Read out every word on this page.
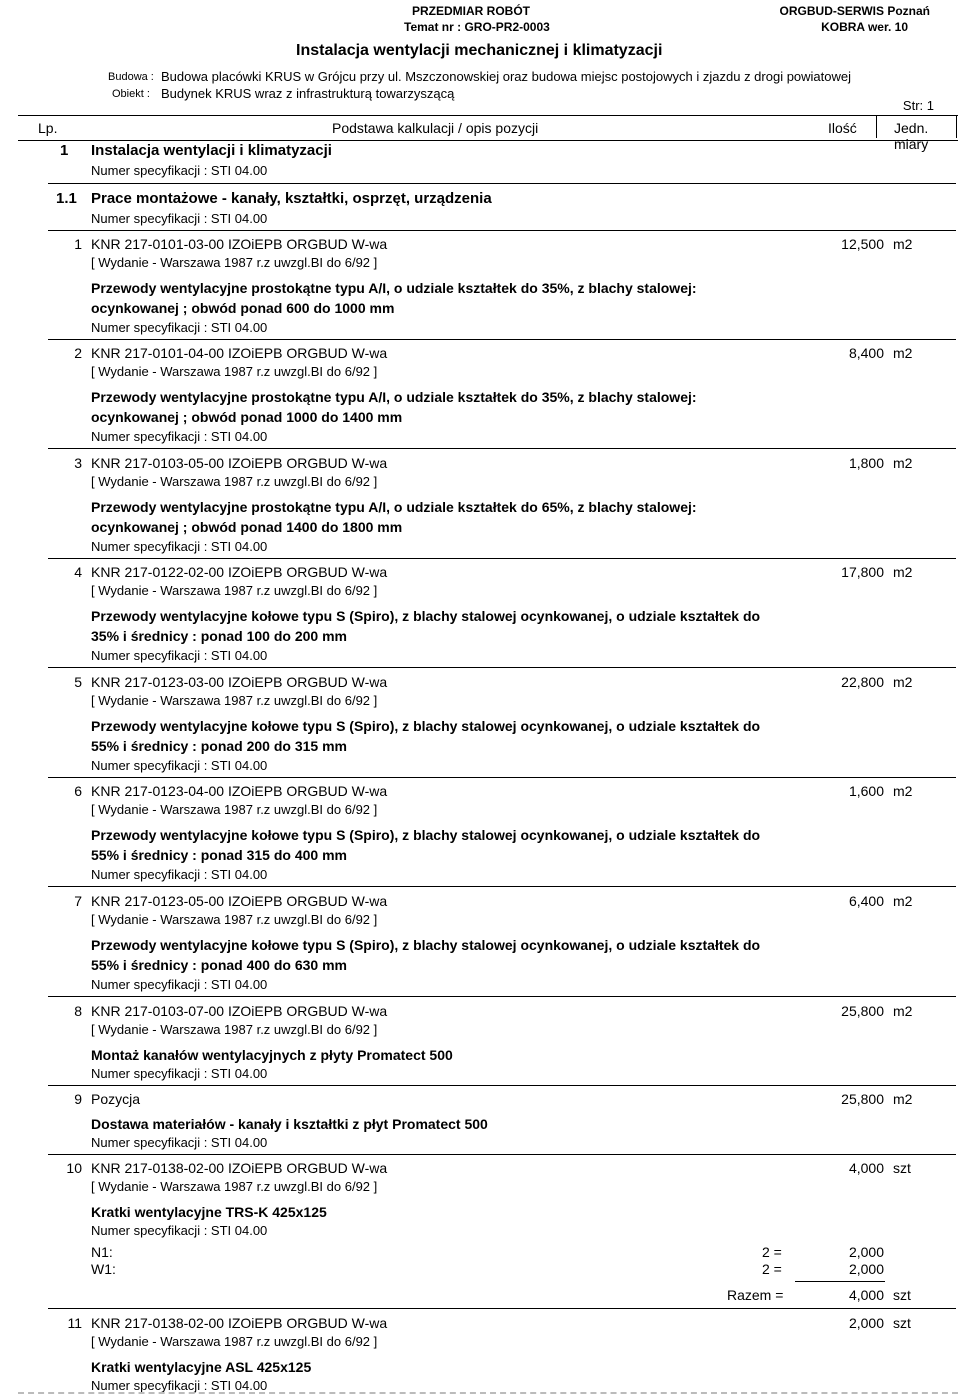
PRZEDMIAR ROBÓT
Temat nr : GRO-PR2-0003
ORGBUD-SERWIS Poznań
KOBRA wer. 10
Instalacja wentylacji mechanicznej i klimatyzacji
Budowa : Budowa placówki KRUS w Grójcu przy ul. Mszczonowskiej oraz budowa miejsc postojowych i zjazdu z drogi powiatowej
Obiekt : Budynek KRUS wraz z infrastrukturą towarzyszącą
Str: 1
Lp.	Podstawa kalkulacji / opis pozycji	Ilość	Jedn. miary
1 Instalacja wentylacji i klimatyzacji
Numer specyfikacji : STI 04.00
1.1 Prace montażowe - kanały, kształtki, osprzęt, urządzenia
Numer specyfikacji : STI 04.00
1 KNR 217-0101-03-00 IZOiEPB ORGBUD W-wa	12,500 m2
[ Wydanie - Warszawa 1987 r.z uwzgl.BI do 6/92 ]
Przewody wentylacyjne prostokątne typu A/I, o udziale kształtek do 35%, z blachy stalowej: ocynkowanej ; obwód ponad 600 do 1000 mm
Numer specyfikacji : STI 04.00
2 KNR 217-0101-04-00 IZOiEPB ORGBUD W-wa	8,400 m2
[ Wydanie - Warszawa 1987 r.z uwzgl.BI do 6/92 ]
Przewody wentylacyjne prostokątne typu A/I, o udziale kształtek do 35%, z blachy stalowej: ocynkowanej ; obwód ponad 1000 do 1400 mm
Numer specyfikacji : STI 04.00
3 KNR 217-0103-05-00 IZOiEPB ORGBUD W-wa	1,800 m2
[ Wydanie - Warszawa 1987 r.z uwzgl.BI do 6/92 ]
Przewody wentylacyjne prostokątne typu A/I, o udziale kształtek do 65%, z blachy stalowej: ocynkowanej ; obwód ponad 1400 do 1800 mm
Numer specyfikacji : STI 04.00
4 KNR 217-0122-02-00 IZOiEPB ORGBUD W-wa	17,800 m2
[ Wydanie - Warszawa 1987 r.z uwzgl.BI do 6/92 ]
Przewody wentylacyjne kołowe typu S (Spiro), z blachy stalowej ocynkowanej, o udziale kształtek do 35% i średnicy : ponad 100 do 200 mm
Numer specyfikacji : STI 04.00
5 KNR 217-0123-03-00 IZOiEPB ORGBUD W-wa	22,800 m2
[ Wydanie - Warszawa 1987 r.z uwzgl.BI do 6/92 ]
Przewody wentylacyjne kołowe typu S (Spiro), z blachy stalowej ocynkowanej, o udziale kształtek do 55% i średnicy : ponad 200 do 315 mm
Numer specyfikacji : STI 04.00
6 KNR 217-0123-04-00 IZOiEPB ORGBUD W-wa	1,600 m2
[ Wydanie - Warszawa 1987 r.z uwzgl.BI do 6/92 ]
Przewody wentylacyjne kołowe typu S (Spiro), z blachy stalowej ocynkowanej, o udziale kształtek do 55% i średnicy : ponad 315 do 400 mm
Numer specyfikacji : STI 04.00
7 KNR 217-0123-05-00 IZOiEPB ORGBUD W-wa	6,400 m2
[ Wydanie - Warszawa 1987 r.z uwzgl.BI do 6/92 ]
Przewody wentylacyjne kołowe typu S (Spiro), z blachy stalowej ocynkowanej, o udziale kształtek do 55% i średnicy : ponad 400 do 630 mm
Numer specyfikacji : STI 04.00
8 KNR 217-0103-07-00 IZOiEPB ORGBUD W-wa	25,800 m2
[ Wydanie - Warszawa 1987 r.z uwzgl.BI do 6/92 ]
Montaż kanałów wentylacyjnych z płyty Promatect 500
Numer specyfikacji : STI 04.00
9 Pozycja	25,800 m2
Dostawa materiałów - kanały i kształtki z płyt Promatect 500
Numer specyfikacji : STI 04.00
10 KNR 217-0138-02-00 IZOiEPB ORGBUD W-wa	4,000 szt
[ Wydanie - Warszawa 1987 r.z uwzgl.BI do 6/92 ]
Kratki wentylacyjne TRS-K 425x125
Numer specyfikacji : STI 04.00
N1:	2 =	2,000
W1:	2 =	2,000
Razem =	4,000 szt
11 KNR 217-0138-02-00 IZOiEPB ORGBUD W-wa	2,000 szt
[ Wydanie - Warszawa 1987 r.z uwzgl.BI do 6/92 ]
Kratki wentylacyjne ASL 425x125
Numer specyfikacji : STI 04.00
